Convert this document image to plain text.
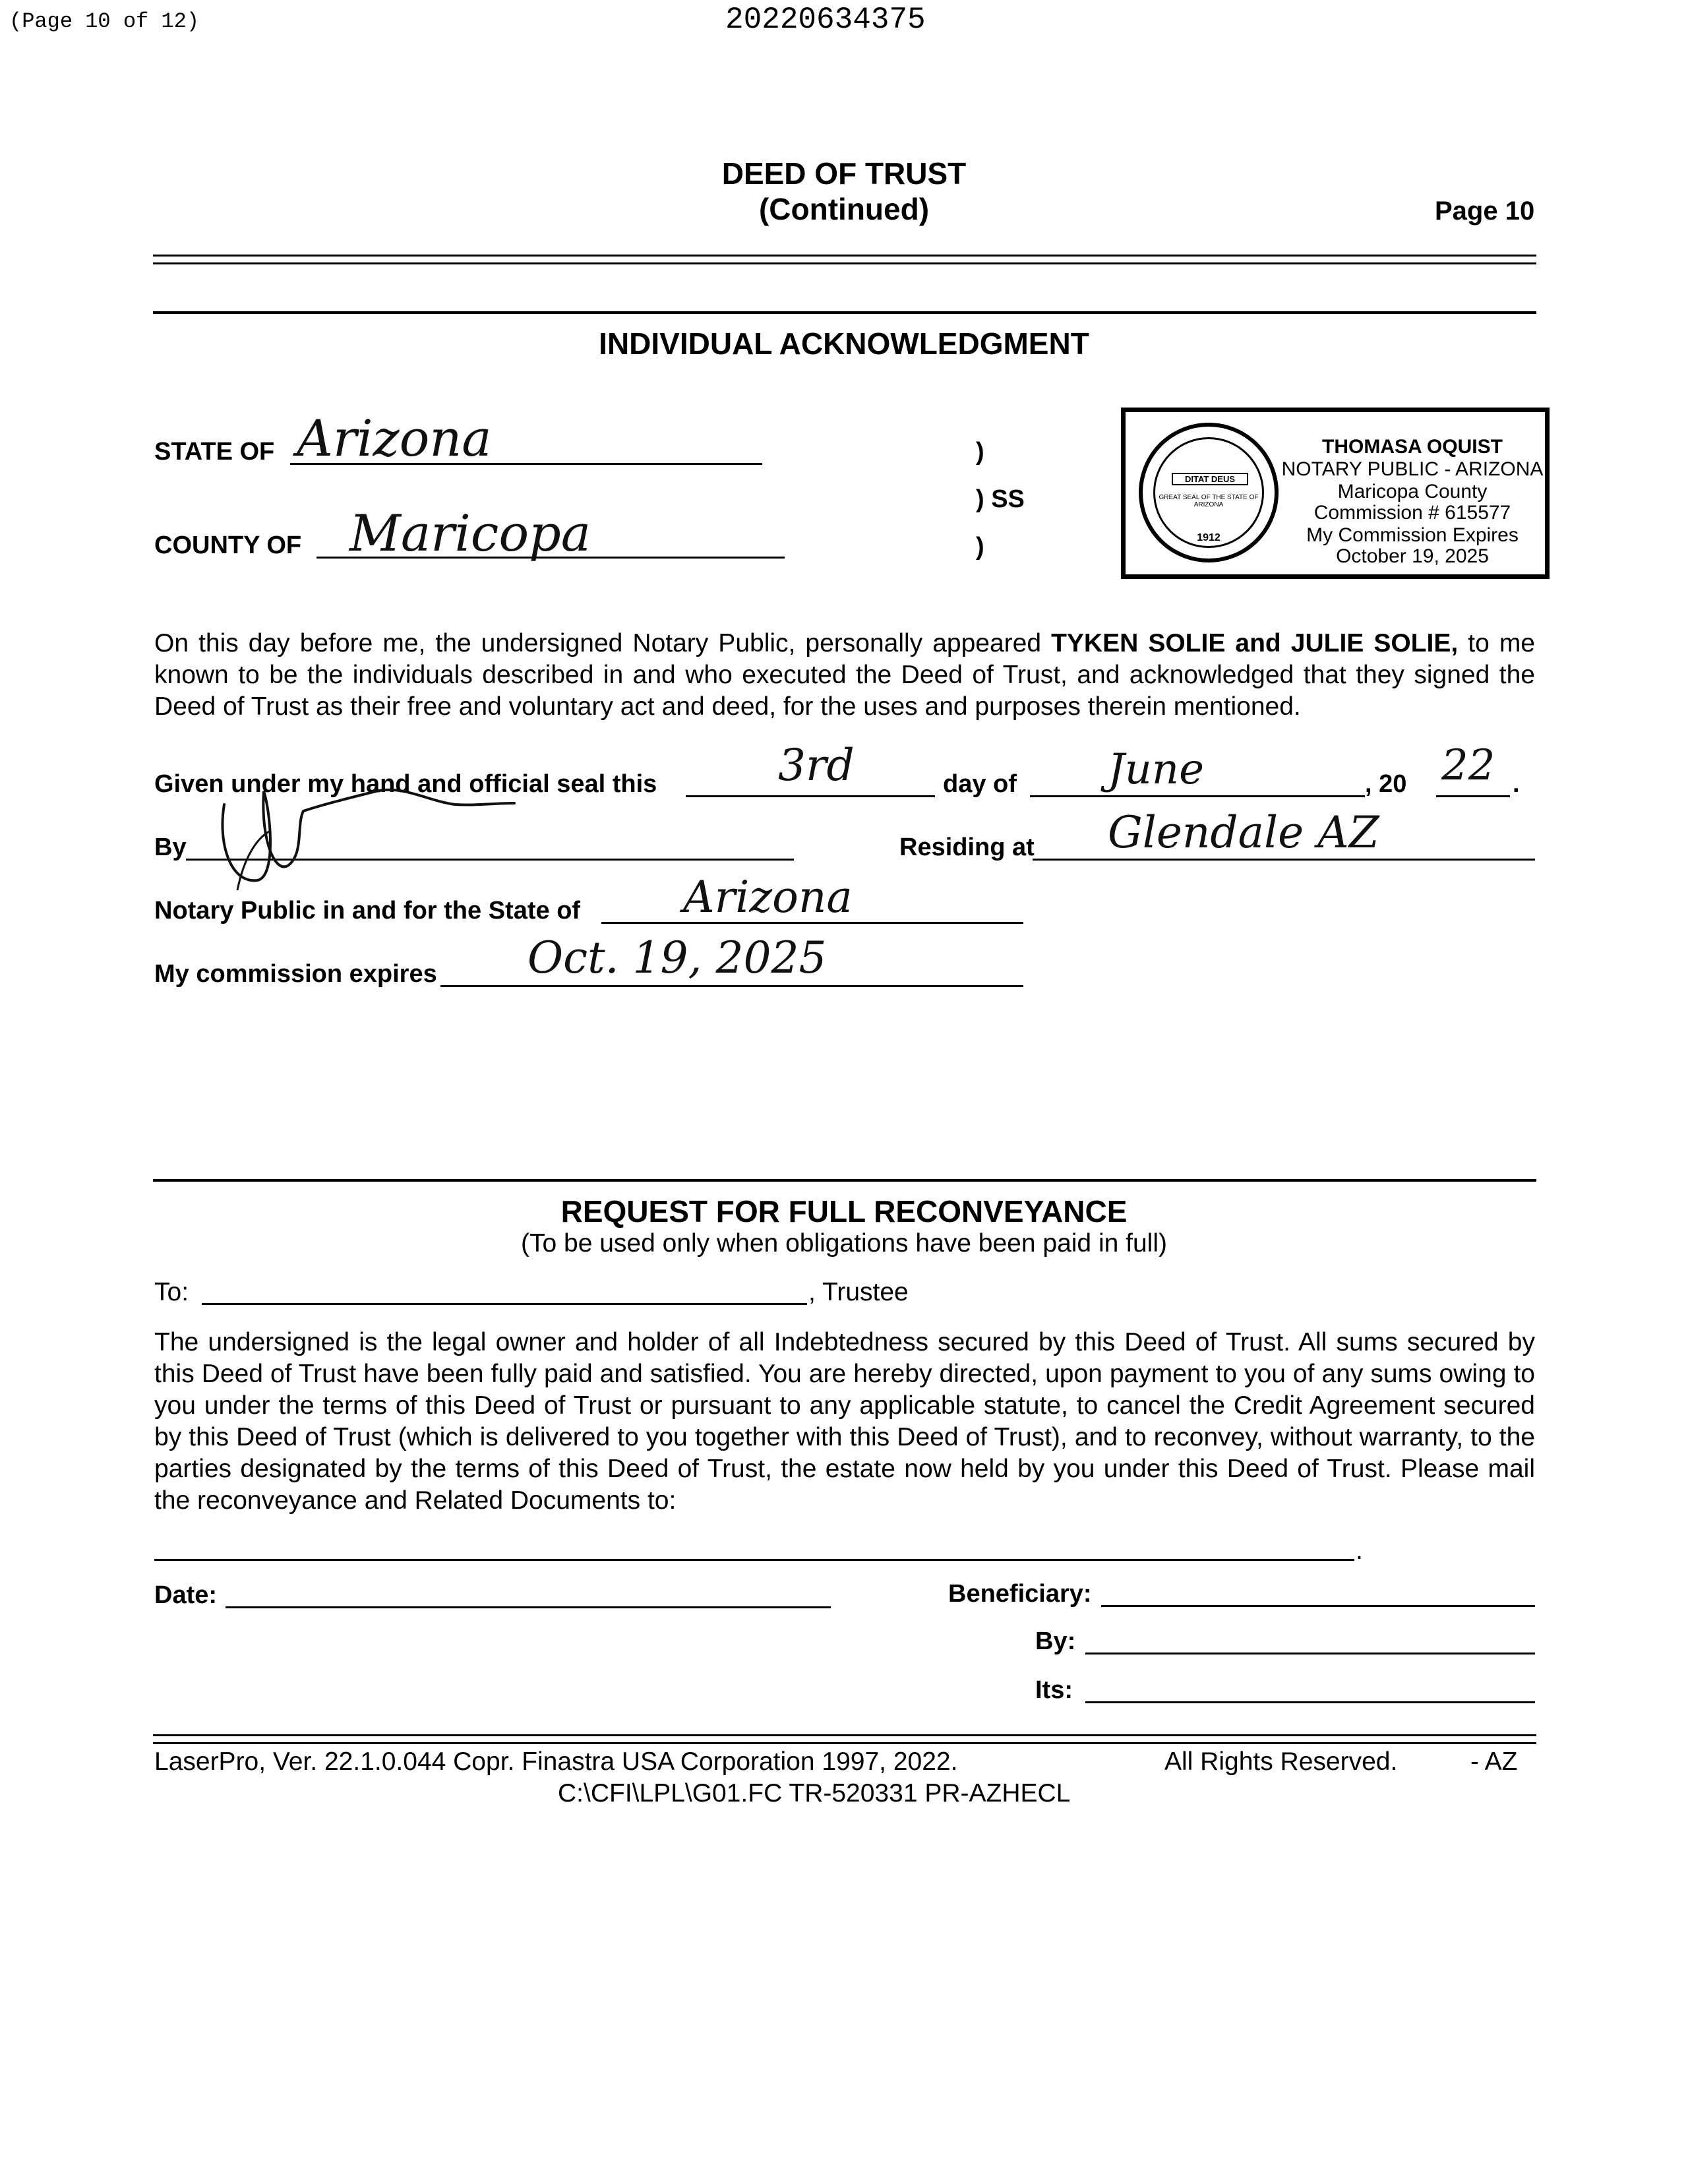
(Page 10 of 12)	20220634375
DEED OF TRUST
(Continued)	Page 10
INDIVIDUAL ACKNOWLEDGMENT
STATE OF Arizona
COUNTY OF Maricopa
)
) SS
)
DITAT DEUS
1912
GREAT SEAL OF THE STATE OF ARIZONA
THOMASA OQUIST
NOTARY PUBLIC - ARIZONA
Maricopa County
Commission # 615577
My Commission Expires
October 19, 2025
On this day before me, the undersigned Notary Public, personally appeared TYKEN SOLIE and JULIE SOLIE, to me known to be the individuals described in and who executed the Deed of Trust, and acknowledged that they signed the Deed of Trust as their free and voluntary act and deed, for the uses and purposes therein mentioned.
Given under my hand and official seal this	3rd	day of June	, 20 22 .
By	Residing at Glendale AZ
Notary Public in and for the State of Arizona
My commission expires Oct. 19, 2025
REQUEST FOR FULL RECONVEYANCE
(To be used only when obligations have been paid in full)
To:	, Trustee
The undersigned is the legal owner and holder of all Indebtedness secured by this Deed of Trust. All sums secured by this Deed of Trust have been fully paid and satisfied. You are hereby directed, upon payment to you of any sums owing to you under the terms of this Deed of Trust or pursuant to any applicable statute, to cancel the Credit Agreement secured by this Deed of Trust (which is delivered to you together with this Deed of Trust), and to reconvey, without warranty, to the parties designated by the terms of this Deed of Trust, the estate now held by you under this Deed of Trust. Please mail the reconveyance and Related Documents to:
.
Date:	Beneficiary:
By:
Its:
LaserPro, Ver. 22.1.0.044 Copr. Finastra USA Corporation 1997, 2022.	All Rights Reserved.	- AZ
C:\CFI\LPL\G01.FC TR-520331 PR-AZHECL
